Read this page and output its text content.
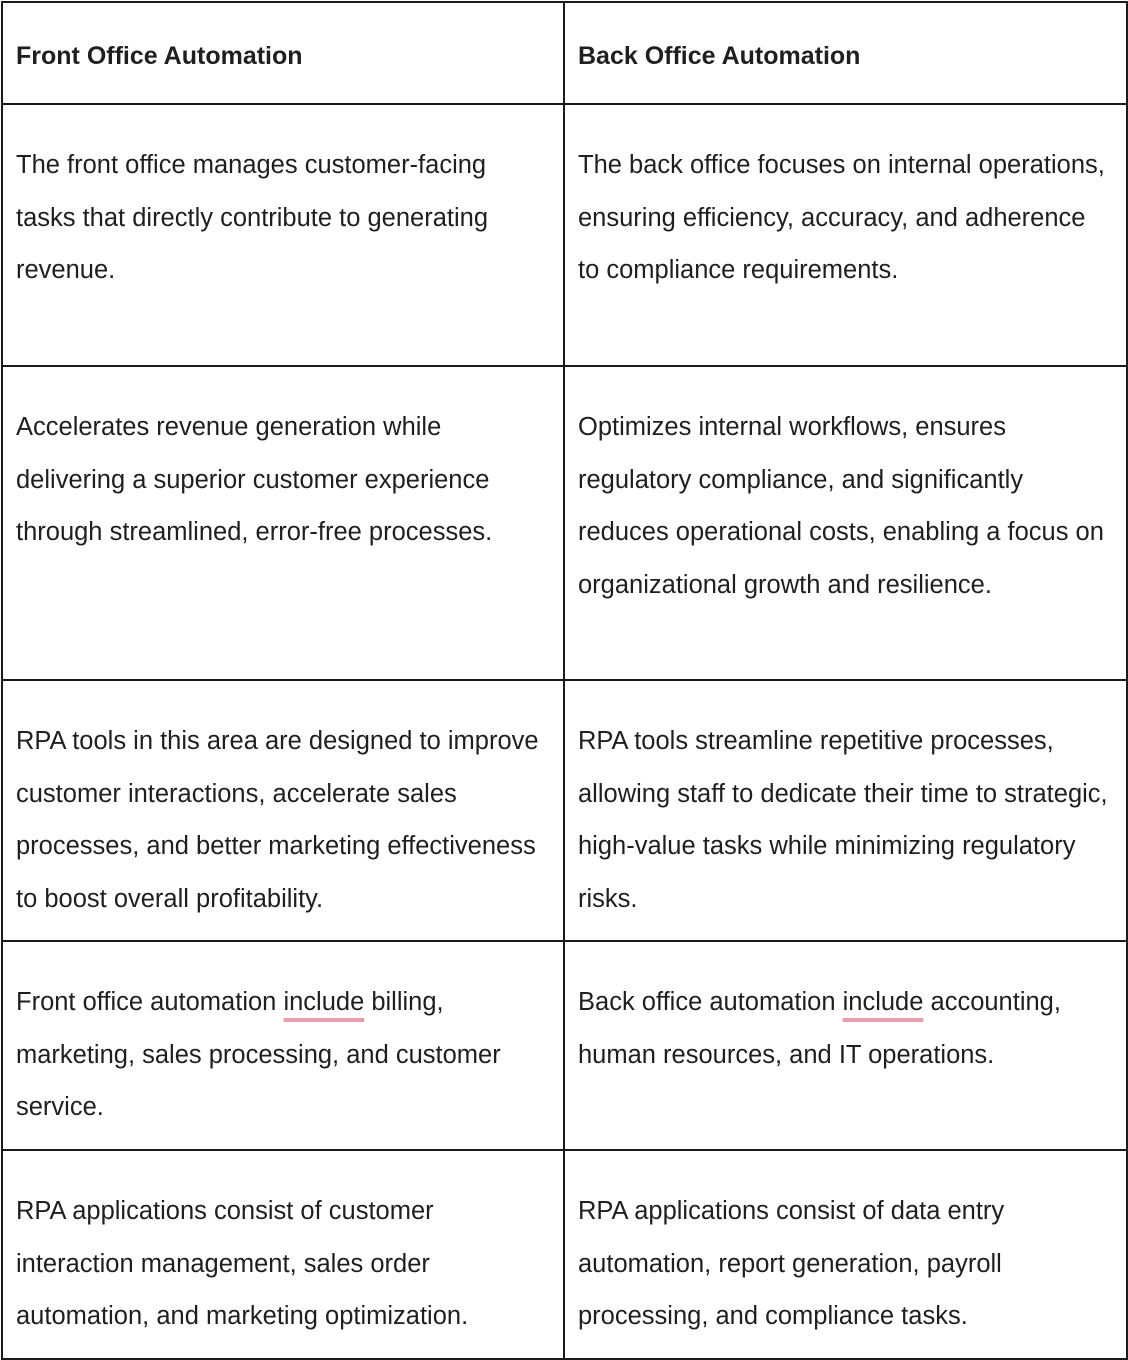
Front Office Automation	Back Office Automation
The front office manages customer-facing tasks that directly contribute to generating revenue.	The back office focuses on internal operations, ensuring efficiency, accuracy, and adherence to compliance requirements.
Accelerates revenue generation while delivering a superior customer experience through streamlined, error-free processes.	Optimizes internal workflows, ensures regulatory compliance, and significantly reduces operational costs, enabling a focus on organizational growth and resilience.
RPA tools in this area are designed to improve customer interactions, accelerate sales processes, and better marketing effectiveness to boost overall profitability.	RPA tools streamline repetitive processes, allowing staff to dedicate their time to strategic, high-value tasks while minimizing regulatory risks.
Front office automation include billing, marketing, sales processing, and customer service.	Back office automation include accounting, human resources, and IT operations.
RPA applications consist of customer interaction management, sales order automation, and marketing optimization.	RPA applications consist of data entry automation, report generation, payroll processing, and compliance tasks.
